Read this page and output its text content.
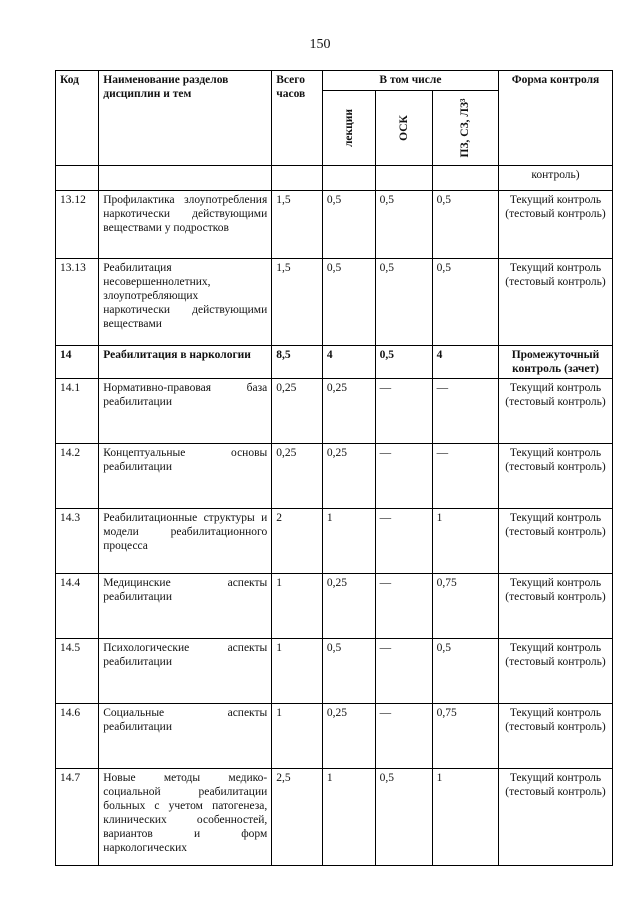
150
Код	Наименование разделов дисциплин и тем	Всего часов	В том числе			Форма контроля

			лекции	ОСК	ПЗ, СЗ, ЛЗ³	

						контроль)
13.12	Профилактика злоупотребления наркотически действующими веществами у подростков	1,5	0,5	0,5	0,5	Текущий контроль (тестовый контроль)
13.13	Реабилитация несовершеннолетних, злоупотребляющих наркотически действующими веществами	1,5	0,5	0,5	0,5	Текущий контроль (тестовый контроль)
14	Реабилитация в наркологии	8,5	4	0,5	4	Промежуточный контроль (зачет)
14.1	Нормативно-правовая база реабилитации	0,25	0,25	—	—	Текущий контроль (тестовый контроль)
14.2	Концептуальные основы реабилитации	0,25	0,25	—	—	Текущий контроль (тестовый контроль)
14.3	Реабилитационные структуры и модели реабилитационного процесса	2	1	—	1	Текущий контроль (тестовый контроль)
14.4	Медицинские аспекты реабилитации	1	0,25	—	0,75	Текущий контроль (тестовый контроль)
14.5	Психологические аспекты реабилитации	1	0,5	—	0,5	Текущий контроль (тестовый контроль)
14.6	Социальные аспекты реабилитации	1	0,25	—	0,75	Текущий контроль (тестовый контроль)
14.7	Новые методы медико-социальной реабилитации больных с учетом патогенеза, клинических особенностей, вариантов и форм наркологических	2,5	1	0,5	1	Текущий контроль (тестовый контроль)
